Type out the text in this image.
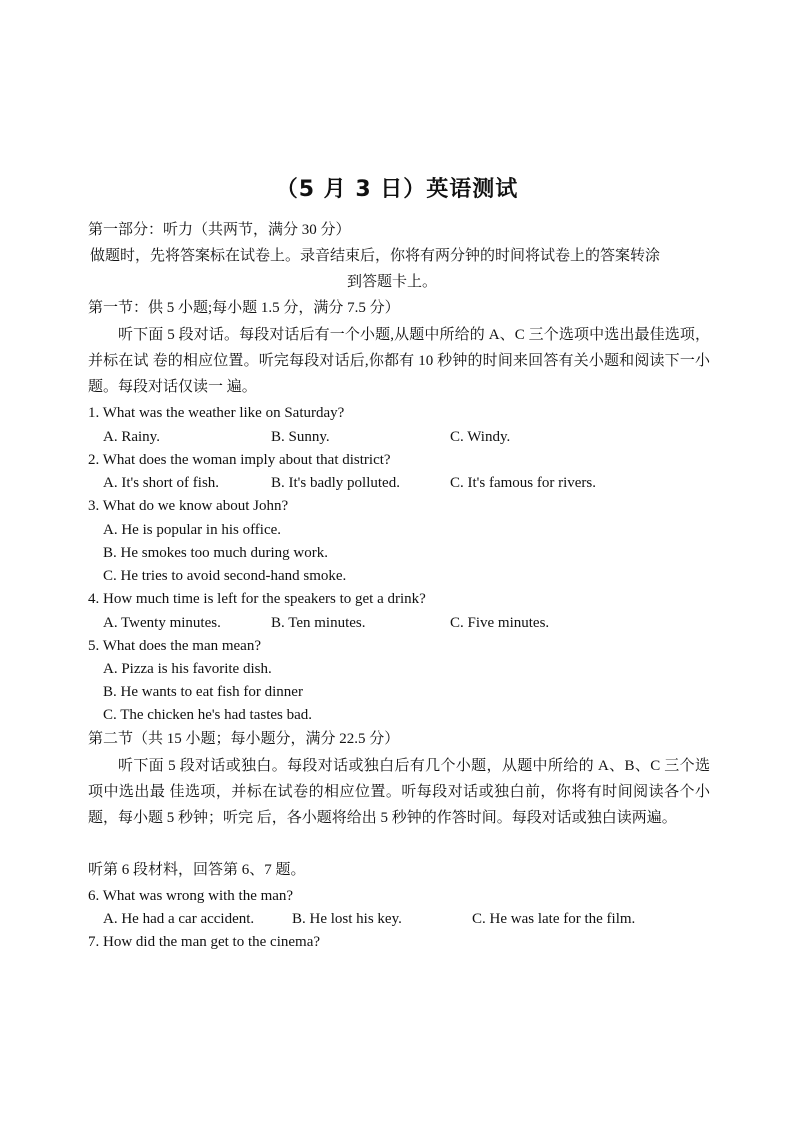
（5 月 3 日）英语测试
第一部分：听力（共两节，满分 30 分）
做题时，先将答案标在试卷上。录音结束后，你将有两分钟的时间将试卷上的答案转涂
到答题卡上。
第一节：供 5 小题;每小题 1.5 分，满分 7.5 分）
听下面 5 段对话。每段对话后有一个小题,从题中所给的 A、C 三个选项中选出最佳选项，并标在试 卷的相应位置。听完每段对话后,你都有 10 秒钟的时间来回答有关小题和阅读下一小题。每段对话仅读一 遍。
1. What was the weather like on Saturday?
A. Rainy.	B. Sunny.	C. Windy.
2. What does the woman imply about that district?
A. It's short of fish.	B. It's badly polluted.	C. It's famous for rivers.
3. What do we know about John?
A. He is popular in his office.
B. He smokes too much during work.
C. He tries to avoid second-hand smoke.
4. How much time is left for the speakers to get a drink?
A. Twenty minutes.	B. Ten minutes.	C. Five minutes.
5. What does the man mean?
A. Pizza is his favorite dish.
B. He wants to eat fish for dinner
C. The chicken he's had tastes bad.
第二节（共 15 小题；每小题分，满分 22.5 分）
听下面 5 段对话或独白。每段对话或独白后有几个小题，从题中所给的 A、B、C 三个选项中选出最 佳选项，并标在试卷的相应位置。听每段对话或独白前，你将有时间阅读各个小题，每小题 5 秒钟；听完 后，各小题将给出 5 秒钟的作答时间。每段对话或独白读两遍。
听第 6 段材料，回答第 6、7 题。
6. What was wrong with the man?
A. He had a car accident.	B. He lost his key.	C. He was late for the film.
7. How did the man get to the cinema?
